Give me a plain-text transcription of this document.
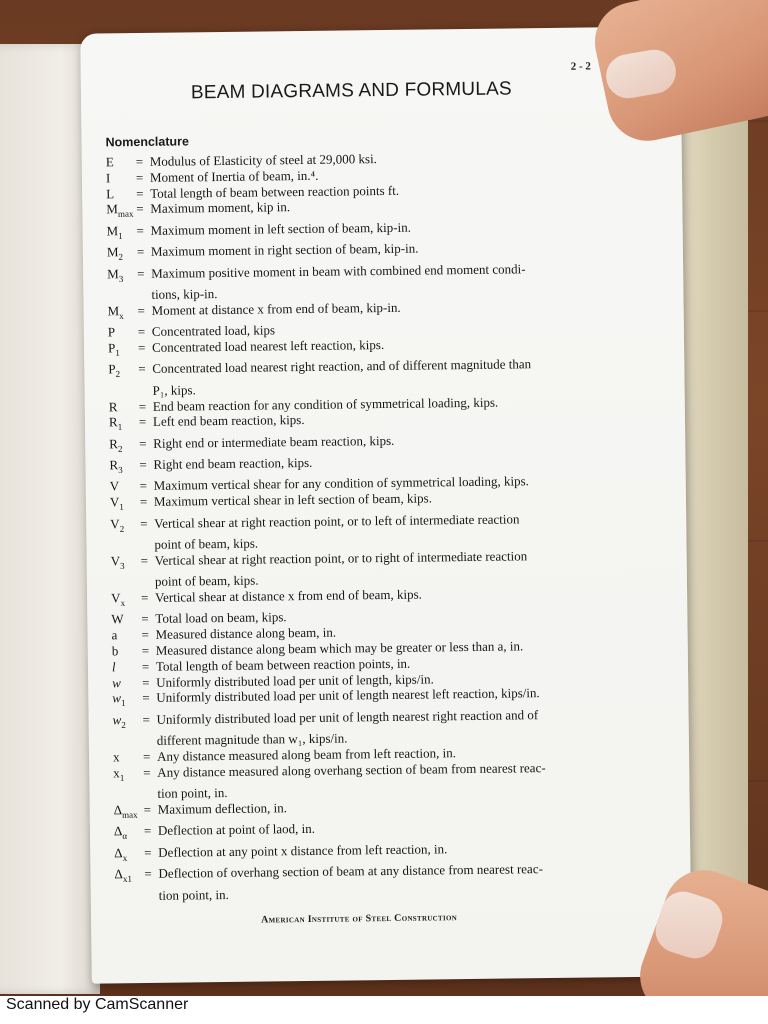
2 - 2
BEAM DIAGRAMS AND FORMULAS
Nomenclature
E	= Modulus of Elasticity of steel at 29,000 ksi.
I	= Moment of Inertia of beam, in.⁴.
L	= Total length of beam between reaction points ft.
$M_{max}$ = Maximum moment, kip in.
$M_1$	= Maximum moment in left section of beam, kip-in.
$M_2$	= Maximum moment in right section of beam, kip-in.
$M_3$	= Maximum positive moment in beam with combined end moment condi-
tions, kip-in.
$M_x$	= Moment at distance x from end of beam, kip-in.
P	= Concentrated load, kips
$P_1$	= Concentrated load nearest left reaction, kips.
$P_2$	= Concentrated load nearest right reaction, and of different magnitude than
P₁, kips.
R	= End beam reaction for any condition of symmetrical loading, kips.
$R_1$	= Left end beam reaction, kips.
$R_2$	= Right end or intermediate beam reaction, kips.
$R_3$	= Right end beam reaction, kips.
V	= Maximum vertical shear for any condition of symmetrical loading, kips.
$V_1$	= Maximum vertical shear in left section of beam, kips.
$V_2$	= Vertical shear at right reaction point, or to left of intermediate reaction
point of beam, kips.
$V_3$	= Vertical shear at right reaction point, or to right of intermediate reaction
point of beam, kips.
$V_x$	= Vertical shear at distance x from end of beam, kips.
W	= Total load on beam, kips.
a	= Measured distance along beam, in.
b	= Measured distance along beam which may be greater or less than a, in.
l	= Total length of beam between reaction points, in.
w	= Uniformly distributed load per unit of length, kips/in.
$w_1$	= Uniformly distributed load per unit of length nearest left reaction, kips/in.
$w_2$	= Uniformly distributed load per unit of length nearest right reaction and of
different magnitude than w₁, kips/in.
x	= Any distance measured along beam from left reaction, in.
$x_1$	= Any distance measured along overhang section of beam from nearest reac-
tion point, in.
$\Delta_{max}$ = Maximum deflection, in.
$\Delta_\alpha$	= Deflection at point of laod, in.
$\Delta_x$	= Deflection at any point x distance from left reaction, in.
$\Delta_{x1}$ = Deflection of overhang section of beam at any distance from nearest reac-
tion point, in.
American Institute of Steel Construction
Scanned by CamScanner
